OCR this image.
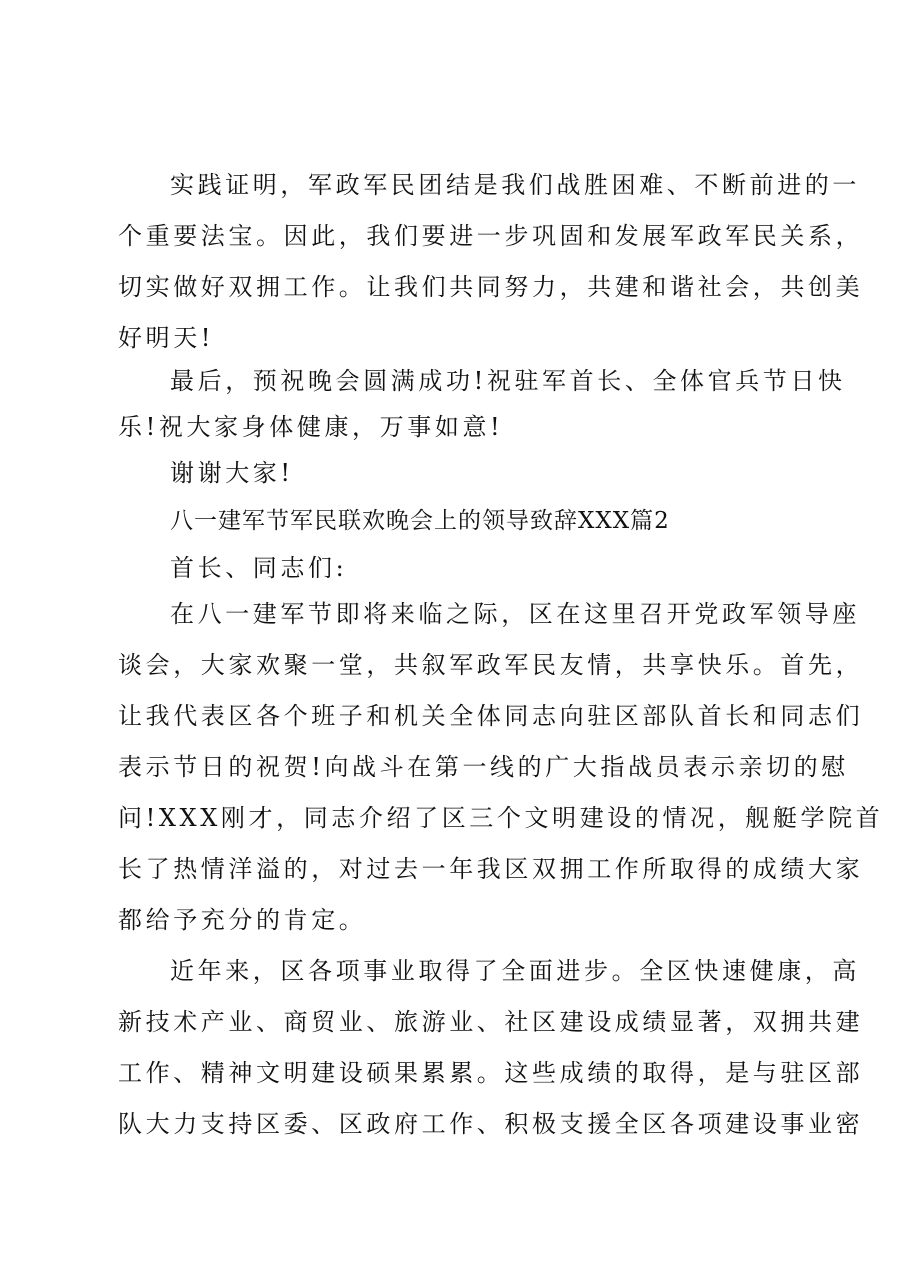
实践证明，军政军民团结是我们战胜困难、不断前进的一
个重要法宝。因此，我们要进一步巩固和发展军政军民关系，
切实做好双拥工作。让我们共同努力，共建和谐社会，共创美
好明天!
最后，预祝晚会圆满成功!祝驻军首长、全体官兵节日快
乐!祝大家身体健康，万事如意!
谢谢大家!
八一建军节军民联欢晚会上的领导致辞XXX篇2
首长、同志们:
在八一建军节即将来临之际，区在这里召开党政军领导座
谈会，大家欢聚一堂，共叙军政军民友情，共享快乐。首先，
让我代表区各个班子和机关全体同志向驻区部队首长和同志们
表示节日的祝贺!向战斗在第一线的广大指战员表示亲切的慰
问!XXX刚才，同志介绍了区三个文明建设的情况，舰艇学院首
长了热情洋溢的，对过去一年我区双拥工作所取得的成绩大家
都给予充分的肯定。
近年来，区各项事业取得了全面进步。全区快速健康，高
新技术产业、商贸业、旅游业、社区建设成绩显著，双拥共建
工作、精神文明建设硕果累累。这些成绩的取得，是与驻区部
队大力支持区委、区政府工作、积极支援全区各项建设事业密
